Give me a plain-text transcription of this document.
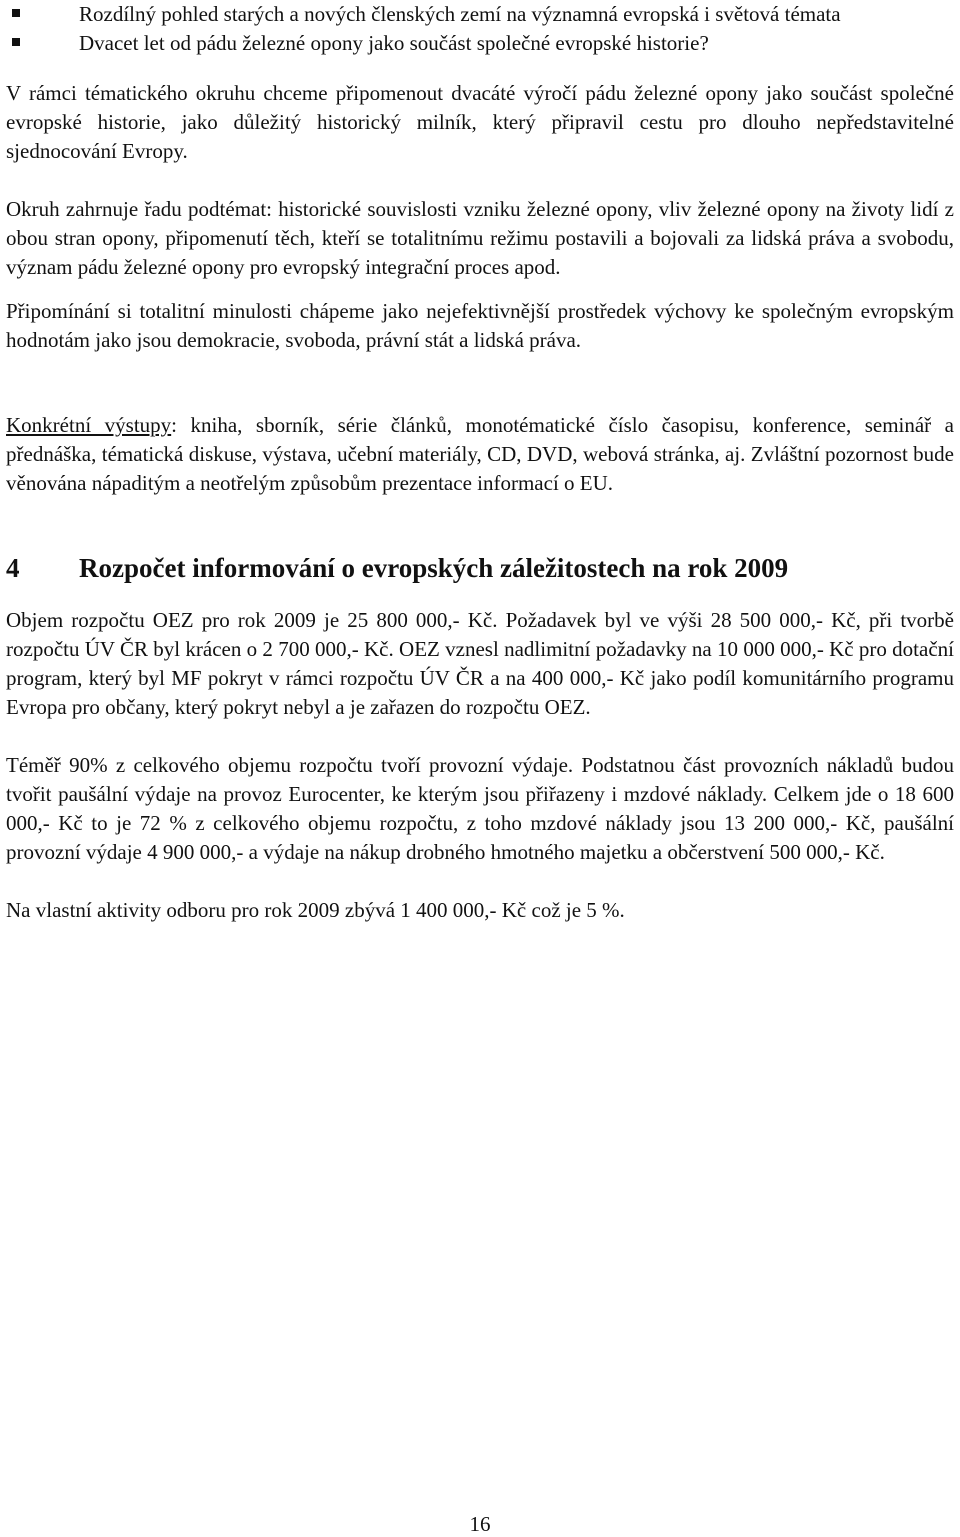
Rozdílný pohled starých a nových členských zemí na významná evropská i světová témata
Dvacet let od pádu železné opony jako součást společné evropské historie?

V rámci tématického okruhu chceme připomenout dvacáté výročí pádu železné opony jako součást společné evropské historie, jako důležitý historický milník, který připravil cestu pro dlouho nepředstavitelné sjednocování Evropy.

Okruh zahrnuje řadu podtémat: historické souvislosti vzniku železné opony, vliv železné opony na životy lidí z obou stran opony, připomenutí těch, kteří se totalitnímu režimu postavili a bojovali za lidská práva a svobodu, význam pádu železné opony pro evropský integrační proces apod.

Připomínání si totalitní minulosti chápeme jako nejefektivnější prostředek výchovy ke společným evropským hodnotám jako jsou demokracie, svoboda, právní stát a lidská práva.

Konkrétní výstupy: kniha, sborník, série článků, monotématické číslo časopisu, konference, seminář a přednáška, tématická diskuse, výstava, učební materiály, CD, DVD, webová stránka, aj. Zvláštní pozornost bude věnována nápaditým a neotřelým způsobům prezentace informací o EU.

4	Rozpočet informování o evropských záležitostech na rok 2009

Objem rozpočtu OEZ pro rok 2009 je 25 800 000,- Kč. Požadavek byl ve výši 28 500 000,- Kč, při tvorbě rozpočtu ÚV ČR byl krácen o 2 700 000,- Kč. OEZ vznesl nadlimitní požadavky na 10 000 000,- Kč pro dotační program, který byl MF pokryt v rámci rozpočtu ÚV ČR a na 400 000,- Kč jako podíl komunitárního programu Evropa pro občany, který pokryt nebyl a je zařazen do rozpočtu OEZ.

Téměř 90% z celkového objemu rozpočtu tvoří provozní výdaje. Podstatnou část provozních nákladů budou tvořit paušální výdaje na provoz Eurocenter, ke kterým jsou přiřazeny i mzdové náklady. Celkem jde o 18 600 000,- Kč to je 72 % z celkového objemu rozpočtu, z toho mzdové náklady jsou 13 200 000,- Kč, paušální provozní výdaje 4 900 000,- a výdaje na nákup drobného hmotného majetku a občerstvení 500 000,- Kč.

Na vlastní aktivity odboru pro rok 2009 zbývá 1 400 000,- Kč což je 5 %.

16
